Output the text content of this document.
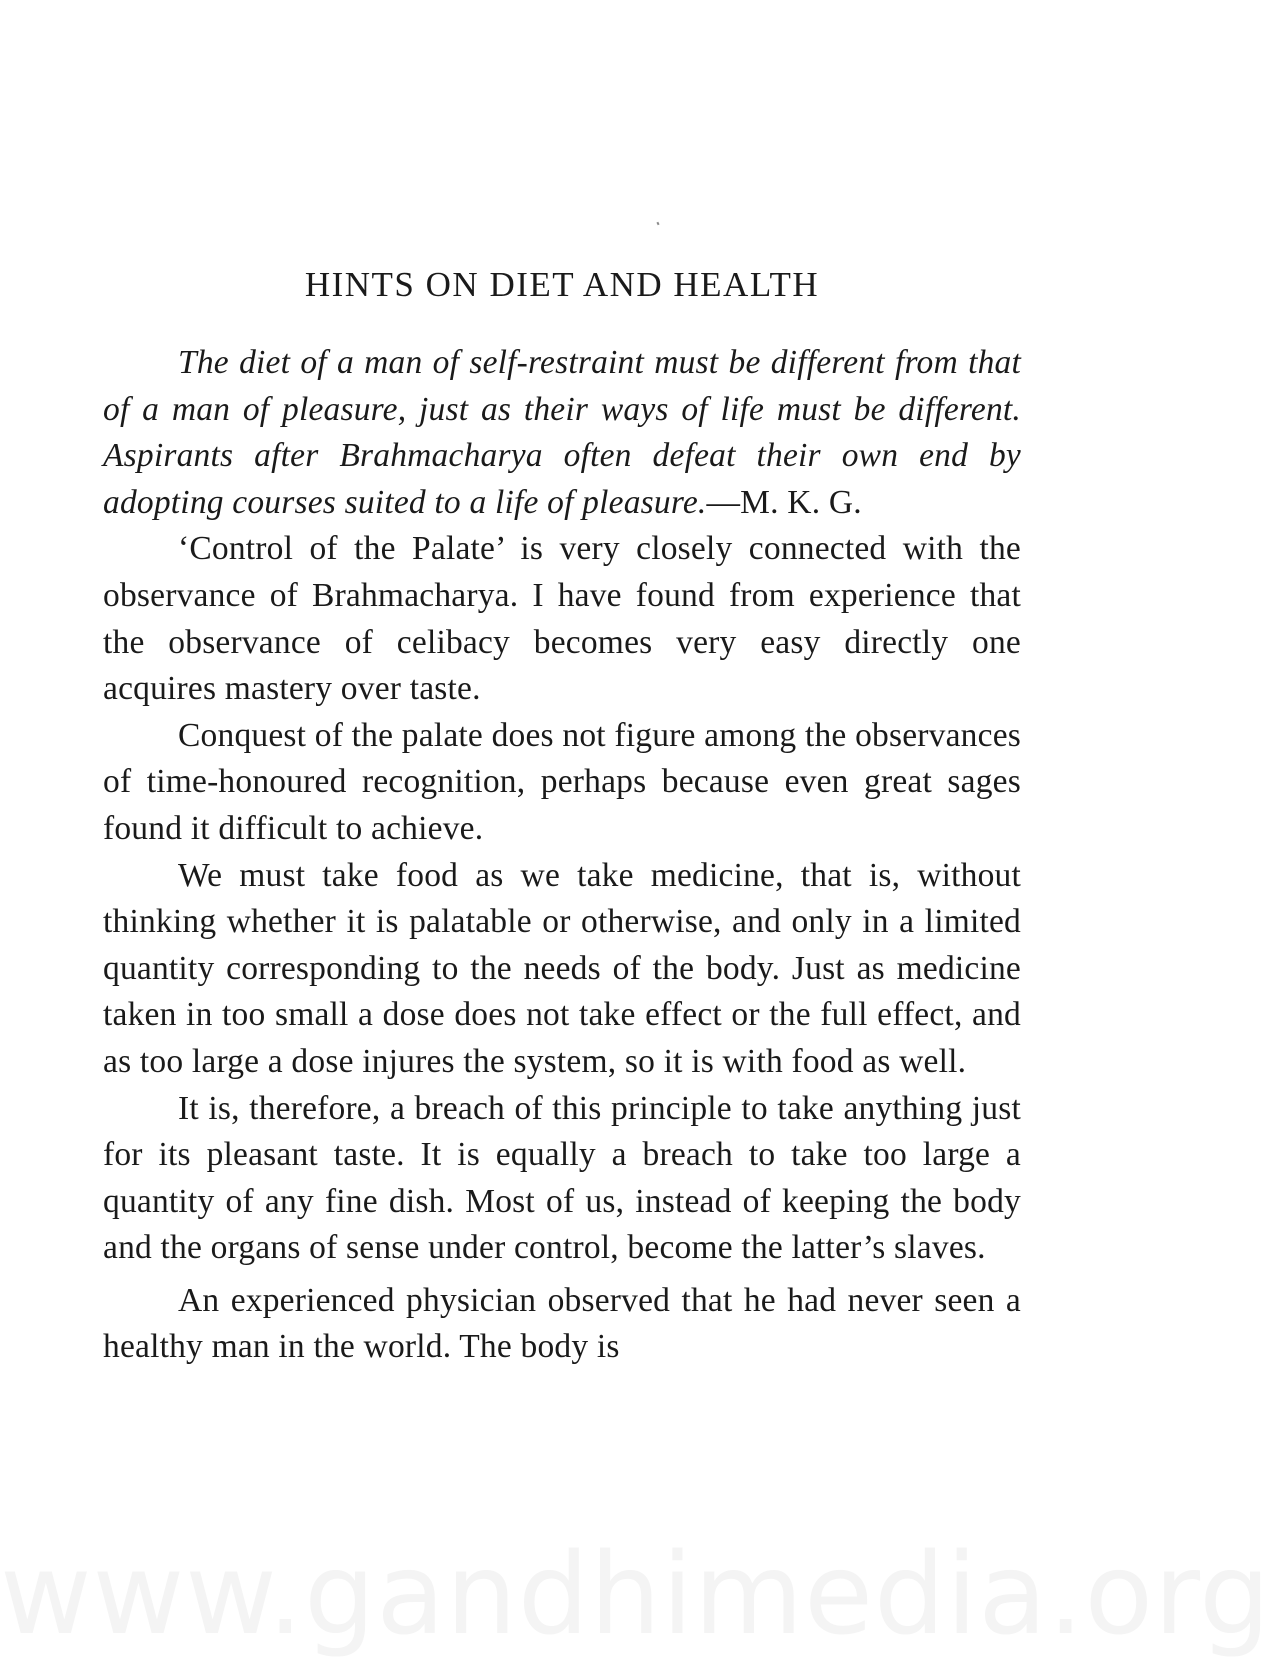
HINTS ON DIET AND HEALTH

The diet of a man of self-restraint must be different from that of a man of pleasure, just as their ways of life must be different. Aspirants after Brahmacharya often defeat their own end by adopting courses suited to a life of pleasure.—M. K. G.

‘Control of the Palate’ is very closely connected with the observance of Brahmacharya. I have found from experience that the observance of celibacy becomes very easy directly one acquires mastery over taste.

Conquest of the palate does not figure among the observances of time-honoured recognition, perhaps because even great sages found it difficult to achieve.

We must take food as we take medicine, that is, without thinking whether it is palatable or otherwise, and only in a limited quantity corresponding to the needs of the body. Just as medicine taken in too small a dose does not take effect or the full effect, and as too large a dose injures the system, so it is with food as well.

It is, therefore, a breach of this principle to take anything just for its pleasant taste. It is equally a breach to take too large a quantity of any fine dish. Most of us, instead of keeping the body and the organs of sense under control, become the latter’s slaves.

An experienced physician observed that he had never seen a healthy man in the world. The body is

www.gandhimedia.org
